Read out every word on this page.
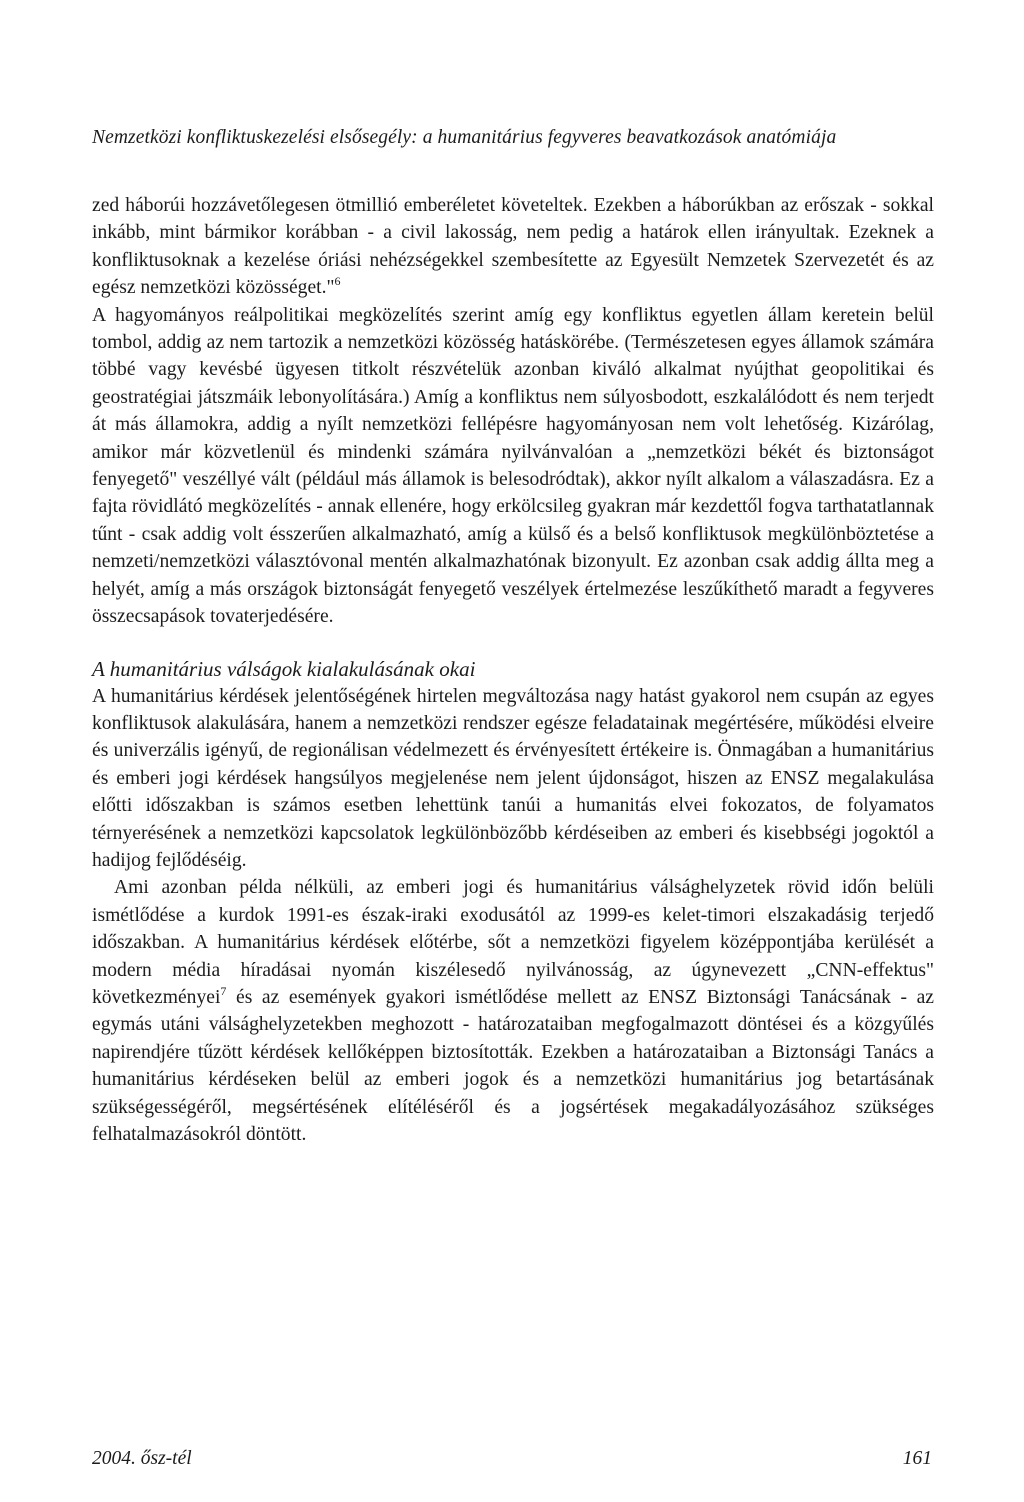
Nemzetközi konfliktuskezelési elsősegély: a humanitárius fegyveres beavatkozások anatómiája

zed háborúi hozzávetőlegesen ötmillió emberéletet követeltek. Ezekben a háborúkban az erőszak - sokkal inkább, mint bármikor korábban - a civil lakosság, nem pedig a határok ellen irányultak. Ezeknek a konfliktusoknak a kezelése óriási nehézségekkel szembesítette az Egyesült Nemzetek Szervezetét és az egész nemzetközi közösséget."$^6$

A hagyományos reálpolitikai megközelítés szerint amíg egy konfliktus egyetlen állam keretein belül tombol, addig az nem tartozik a nemzetközi közösség hatáskörébe. (Természetesen egyes államok számára többé vagy kevésbé ügyesen titkolt részvételük azonban kiváló alkalmat nyújthat geopolitikai és geostratégiai játszmáik lebonyolítására.) Amíg a konfliktus nem súlyosbodott, eszkalálódott és nem terjedt át más államokra, addig a nyílt nemzetközi fellépésre hagyományosan nem volt lehetőség. Kizárólag, amikor már közvetlenül és mindenki számára nyilvánvalóan a „nemzetközi békét és biztonságot fenyegető" veszéllyé vált (például más államok is belesodródtak), akkor nyílt alkalom a válaszadásra. Ez a fajta rövidlátó megközelítés - annak ellenére, hogy erkölcsileg gyakran már kezdettől fogva tarthatatlannak tűnt - csak addig volt ésszerűen alkalmazható, amíg a külső és a belső konfliktusok megkülönböztetése a nemzeti/nemzetközi választóvonal mentén alkalmazhatónak bizonyult. Ez azonban csak addig állta meg a helyét, amíg a más országok biztonságát fenyegető veszélyek értelmezése leszűkíthető maradt a fegyveres összecsapások tovaterjedésére.

A humanitárius válságok kialakulásának okai

A humanitárius kérdések jelentőségének hirtelen megváltozása nagy hatást gyakorol nem csupán az egyes konfliktusok alakulására, hanem a nemzetközi rendszer egésze feladatainak megértésére, működési elveire és univerzális igényű, de regionálisan védelmezett és érvényesített értékeire is. Önmagában a humanitárius és emberi jogi kérdések hangsúlyos megjelenése nem jelent újdonságot, hiszen az ENSZ megalakulása előtti időszakban is számos esetben lehettünk tanúi a humanitás elvei fokozatos, de folyamatos térnyerésének a nemzetközi kapcsolatok legkülönbözőbb kérdéseiben az emberi és kisebbségi jogoktól a hadijog fejlődéséig.

Ami azonban példa nélküli, az emberi jogi és humanitárius válsághelyzetek rövid időn belüli ismétlődése a kurdok 1991-es észak-iraki exodusától az 1999-es kelet-timori elszakadásig terjedő időszakban. A humanitárius kérdések előtérbe, sőt a nemzetközi figyelem középpontjába kerülését a modern média híradásai nyomán kiszélesedő nyilvánosság, az úgynevezett „CNN-effektus" következményei$^7$ és az események gyakori ismétlődése mellett az ENSZ Biztonsági Tanácsának - az egymás utáni válsághelyzetekben meghozott - határozataiban megfogalmazott döntései és a közgyűlés napirendjére tűzött kérdések kellőképpen biztosították. Ezekben a határozataiban a Biztonsági Tanács a humanitárius kérdéseken belül az emberi jogok és a nemzetközi humanitárius jog betartásának szükségességéről, megsértésének elítéléséről és a jogsértések megakadályozásához szükséges felhatalmazásokról döntött.

2004. ősz-tél	161
